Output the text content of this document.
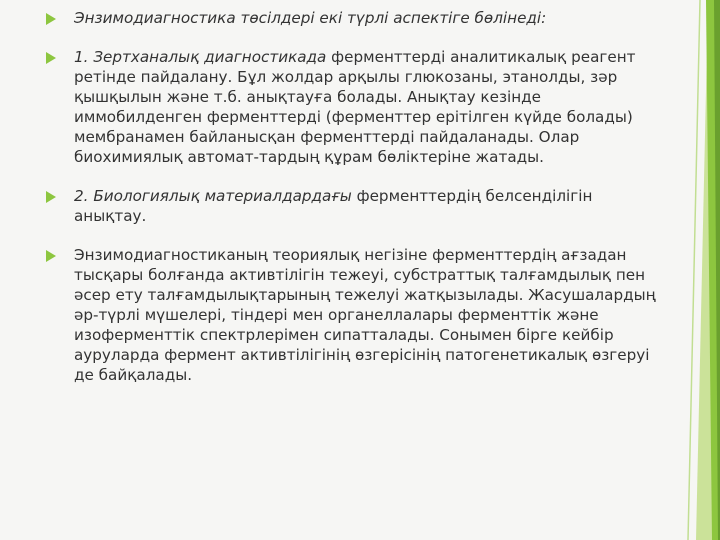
Энзимодиагностика төсілдері екі түрлі аспектіге бөлінеді:
1. Зертханалық диагностикада ферменттерді аналитикалық реагент ретінде пайдалану. Бұл жолдар арқылы глюкозаны, этанолды, зәр қышқылын және т.б. анықтауға болады. Анықтау кезінде иммобилденген ферменттерді (ферменттер ерітілген күйде болады) мембранамен байланысқан ферменттерді пайдаланады. Олар биохимиялық автомат-тардың құрам бөліктеріне жатады.
2. Биологиялық материалдардағы ферменттердің белсенділігін анықтау.
Энзимодиагностиканың теориялық негізіне ферменттердің ағзадан тысқары болғанда активтілігін тежеуі, субстраттық талғамдылық пен әсер ету талғамдылықтарының тежелуі жатқызылады. Жасушалардың әр-түрлі мүшелері, тіндері мен органеллалары ферменттік және изоферменттік спектрлерімен сипатталады. Сонымен бірге кейбір ауруларда фермент активтілігінің өзгерісінің патогенетикалық өзгеруі де байқалады.
